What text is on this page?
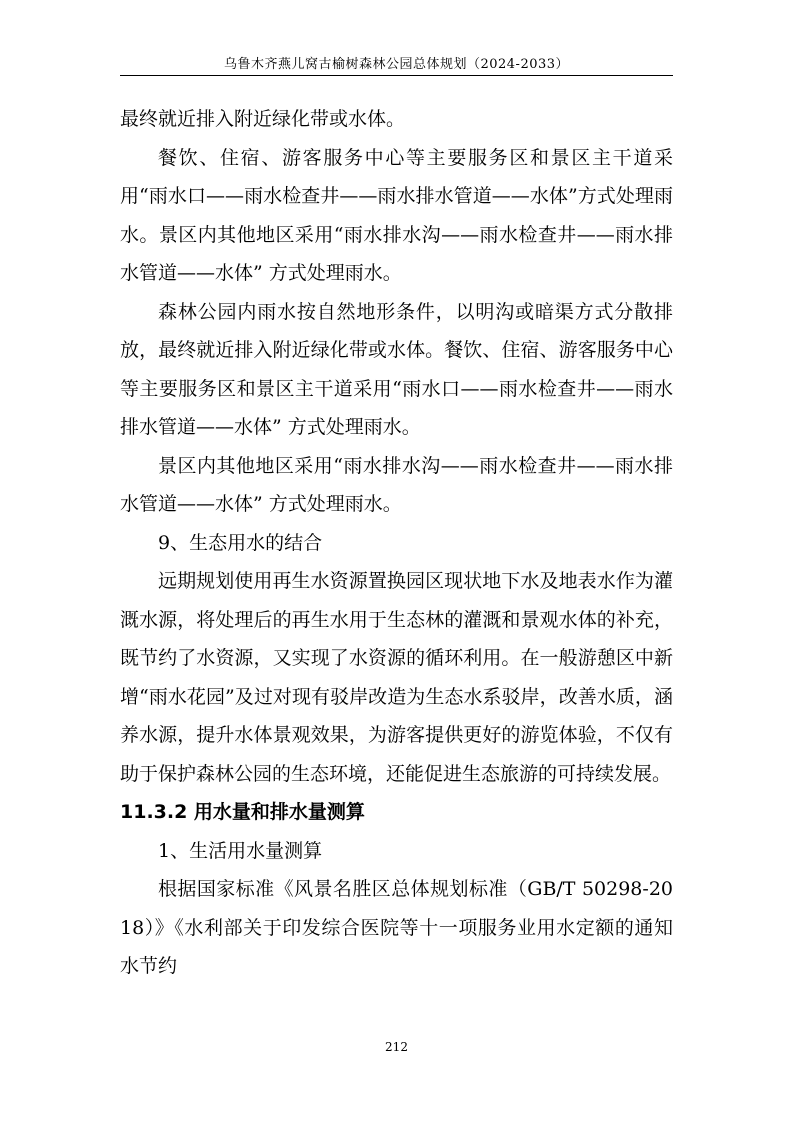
乌鲁木齐燕儿窝古榆树森林公园总体规划（2024-2033）

最终就近排入附近绿化带或水体。

餐饮、住宿、游客服务中心等主要服务区和景区主干道采用“雨水口——雨水检查井——雨水排水管道——水体”方式处理雨水。景区内其他地区采用“雨水排水沟——雨水检查井——雨水排水管道——水体” 方式处理雨水。

森林公园内雨水按自然地形条件，以明沟或暗渠方式分散排放，最终就近排入附近绿化带或水体。餐饮、住宿、游客服务中心等主要服务区和景区主干道采用“雨水口——雨水检查井——雨水排水管道——水体” 方式处理雨水。

景区内其他地区采用“雨水排水沟——雨水检查井——雨水排水管道——水体” 方式处理雨水。

9、生态用水的结合

远期规划使用再生水资源置换园区现状地下水及地表水作为灌溉水源，将处理后的再生水用于生态林的灌溉和景观水体的补充，既节约了水资源，又实现了水资源的循环利用。在一般游憩区中新增“雨水花园”及过对现有驳岸改造为生态水系驳岸，改善水质，涵养水源，提升水体景观效果，为游客提供更好的游览体验，不仅有助于保护森林公园的生态环境，还能促进生态旅游的可持续发展。

11.3.2 用水量和排水量测算

1、生活用水量测算

根据国家标准《风景名胜区总体规划标准（GB/T 50298-2018）》《水利部关于印发综合医院等十一项服务业用水定额的通知水节约

212
